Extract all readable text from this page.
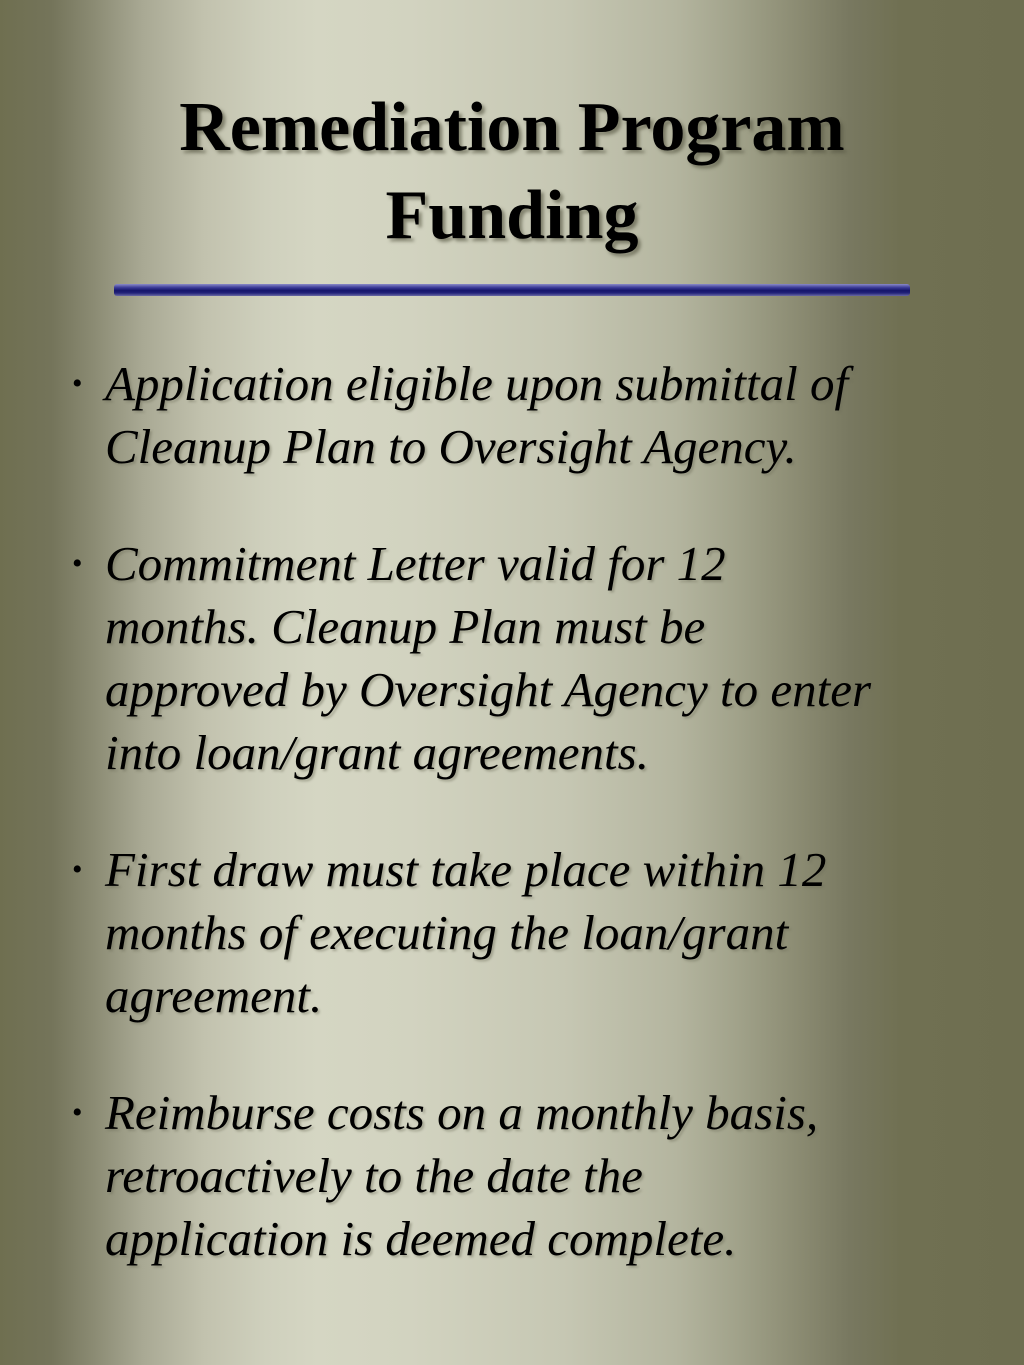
Remediation Program
Funding
• Application eligible upon submittal of
Cleanup Plan to Oversight Agency.
• Commitment Letter valid for 12
months. Cleanup Plan must be
approved by Oversight Agency to enter
into loan/grant agreements.
• First draw must take place within 12
months of executing the loan/grant
agreement.
• Reimburse costs on a monthly basis,
retroactively to the date the
application is deemed complete.
